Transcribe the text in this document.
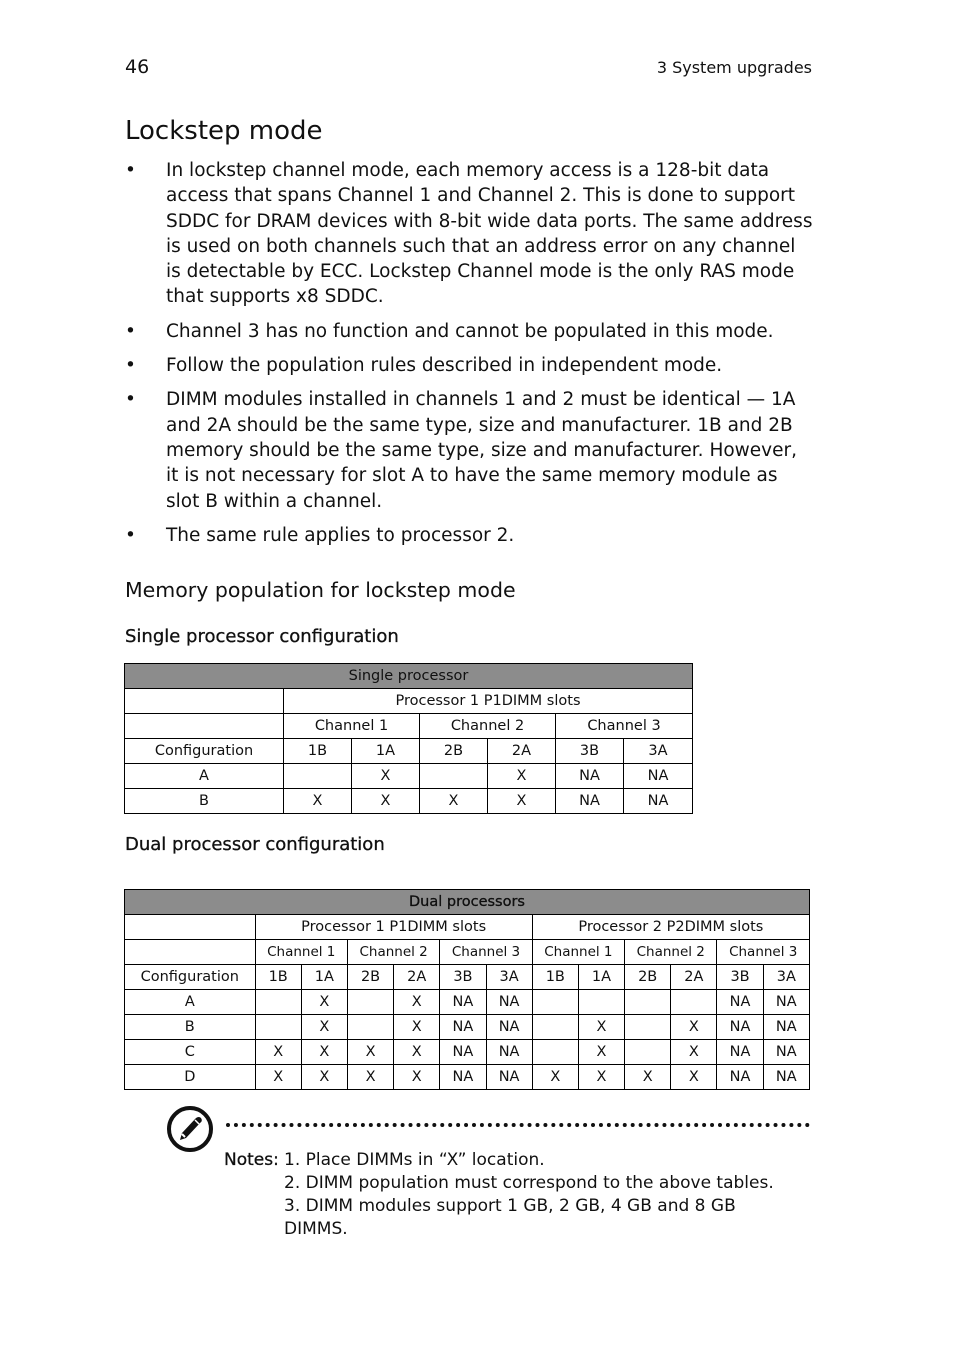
46	3 System upgrades
Lockstep mode
• In lockstep channel mode, each memory access is a 128-bit data access that spans Channel 1 and Channel 2. This is done to support SDDC for DRAM devices with 8-bit wide data ports. The same address is used on both channels such that an address error on any channel is detectable by ECC. Lockstep Channel mode is the only RAS mode that supports x8 SDDC.
• Channel 3 has no function and cannot be populated in this mode.
• Follow the population rules described in independent mode.
• DIMM modules installed in channels 1 and 2 must be identical — 1A and 2A should be the same type, size and manufacturer. 1B and 2B memory should be the same type, size and manufacturer. However, it is not necessary for slot A to have the same memory module as slot B within a channel.
• The same rule applies to processor 2.
Memory population for lockstep mode
Single processor configuration
Single processor						
	Processor 1 P1DIMM slots					
	Channel 1		Channel 2		Channel 3	
Configuration	1B	1A	2B	2A	3B	3A
A		X		X	NA	NA
B	X	X	X	X	NA	NA
Dual processor configuration
Dual processors												
	Processor 1 P1DIMM slots						Processor 2 P2DIMM slots					
	Channel 1		Channel 2		Channel 3		Channel 1		Channel 2		Channel 3	
Configuration	1B	1A	2B	2A	3B	3A	1B	1A	2B	2A	3B	3A
A		X		X	NA	NA					NA	NA
B		X		X	NA	NA		X		X	NA	NA
C	X	X	X	X	NA	NA		X		X	NA	NA
D	X	X	X	X	NA	NA	X	X	X	X	NA	NA
Notes: 1. Place DIMMs in “X” location.
2. DIMM population must correspond to the above tables.
3. DIMM modules support 1 GB, 2 GB, 4 GB and 8 GB DIMMS.
